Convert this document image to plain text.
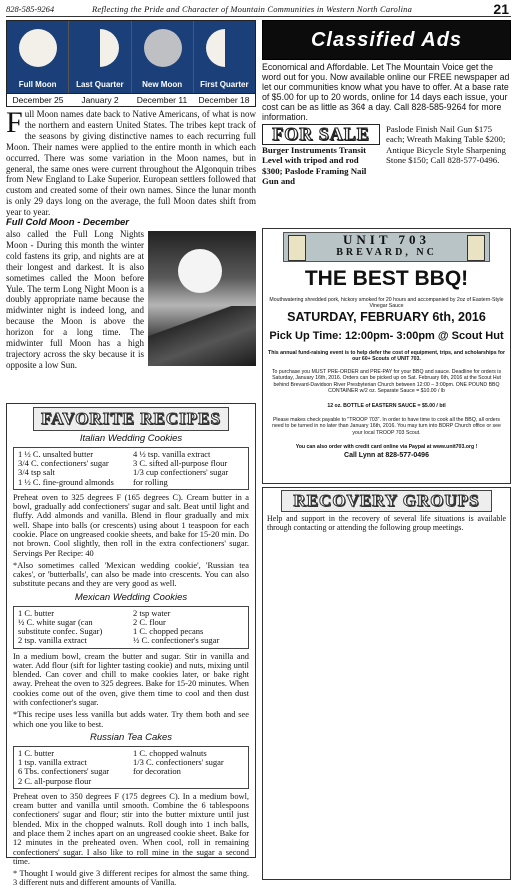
828-585-9264	Reflecting the Pride and Character of Mountain Communities in Western North Carolina	21
Full Moon	Last Quarter	New Moon	First Quarter
December 25	January 2	December 11	December 18
F ull Moon names date back to Native Americans, of what is now the northern and eastern United States. The tribes kept track of the seasons by giving distinctive names to each recurring full Moon. Their names were applied to the entire month in which each occurred. There was some variation in the Moon names, but in general, the same ones were current throughout the Algonquin tribes from New England to Lake Superior. European settlers followed that custom and created some of their own names. Since the lunar month is only 29 days long on the average, the full Moon dates shift from year to year.
Full Cold Moon - December
also called the Full Long Nights Moon - During this month the winter cold fastens its grip, and nights are at their longest and darkest. It is also sometimes called the Moon before Yule. The term Long Night Moon is a doubly appropriate name because the midwinter night is indeed long, and because the Moon is above the horizon for a long time. The midwinter full Moon has a high trajectory across the sky because it is opposite a low Sun.
FAVORITE RECIPES
Italian Wedding Cookies
1 ½ C. unsalted butter	4 ½ tsp. vanilla extract
3/4 C. confectioners' sugar	3 C. sifted all-purpose flour
3/4 tsp salt	1/3 cup confectioners' sugar
1 ½ C. fine-ground almonds	for rolling
Preheat oven to 325 degrees F (165 degrees C). Cream butter in a bowl, gradually add confectioners' sugar and salt. Beat until light and fluffy. Add almonds and vanilla. Blend in flour gradually and mix well. Shape into balls (or crescents) using about 1 teaspoon for each cookie. Place on ungreased cookie sheets, and bake for 15-20 min. Do not brown. Cool slightly, then roll in the extra confectioners' sugar. Servings Per Recipe: 40
*Also sometimes called 'Mexican wedding cookie', 'Russian tea cakes', or 'butterballs', can also be made into crescents. You can also substitute pecans and they are very good as well.
Mexican Wedding Cookies
1 C. butter	2 tsp water
½ C. white sugar (can	2 C. flour
substitute confec. Sugar)	1 C. chopped pecans
2 tsp. vanilla extract	½ C. confectioner's sugar
In a medium bowl, cream the butter and sugar. Stir in vanilla and water. Add flour (sift for lighter tasting cookie) and nuts, mixing until blended. Can cover and chill to make cookies later, or bake right away. Preheat the oven to 325 degrees. Bake for 15-20 minutes. When cookies come out of the oven, give them time to cool and then dust with confectioner's sugar.
*This recipe uses less vanilla but adds water. Try them both and see which one you like to best.
Russian Tea Cakes
1 C. butter	1 C. chopped walnuts
1 tsp. vanilla extract	1/3 C. confectioners' sugar
6 Tbs. confectioners' sugar	for decoration
2 C. all-purpose flour
Preheat oven to 350 degrees F (175 degrees C). In a medium bowl, cream butter and vanilla until smooth. Combine the 6 tablespoons confectioners' sugar and flour; stir into the butter mixture until just blended. Mix in the chopped walnuts. Roll dough into 1 inch balls, and place them 2 inches apart on an ungreased cookie sheet. Bake for 12 minutes in the preheated oven. When cool, roll in remaining confectioners' sugar. I also like to roll mine in the sugar a second time.
* Thought I would give 3 different recipes for almost the same thing. 3 different nuts and different amounts of Vanilla.
Classified Ads
Economical and Affordable. Let The Mountain Voice get the word out for you. Now available online our FREE newspaper ad let our communities know what you have to offer. At a base rate of $5.00 for up to 20 words, online for 14 days each issue, your cost can be as little as 36¢ a day. Call 828-585-9264 for more information.
FOR SALE
Burger Instruments Transit Level with tripod and rod $300; Paslode Framing Nail Gun and
Paslode Finish Nail Gun $175 each; Wreath Making Table $200; Antique Bicycle Style Sharpening Stone $150; Call 828-577-0496.
UNIT 703
BREVARD, NC
THE BEST BBQ!
Mouthwatering shredded pork, hickory smoked for 20 hours and accompanied by 2oz of Eastern-Style Vinegar Sauce
SATURDAY, FEBRUARY 6th, 2016
Pick Up Time: 12:00pm- 3:00pm @ Scout Hut
This annual fund-raising event is to help defer the cost of equipment, trips, and scholarships for our 60+ Scouts of UNIT 703.
To purchase you MUST PRE-ORDER and PRE-PAY for your BBQ and sauce. Deadline for orders is Saturday, January 16th, 2016. Orders can be picked up on Sat. February 6th, 2016 at the Scout Hut behind Brevard-Davidson River Presbyterian Church between 12:00 – 3:00pm. ONE POUND BBQ CONTAINER w/2 oz. Separate Sauce = $10.00 / lb
12 oz. BOTTLE of EASTERN SAUCE = $5.00 / btl
Please makes check payable to "TROOP 703". In order to have time to cook all the BBQ, all orders need to be turned in no later than January 16th, 2016. You may turn into BDRP Church office or see your local TROOP 703 Scout.
You can also order with credit card online via Paypal at www.unit703.org !
Call Lynn at 828-577-0496
RECOVERY GROUPS
Help and support in the recovery of several life situations is available through contacting or attending the following group meetings.
